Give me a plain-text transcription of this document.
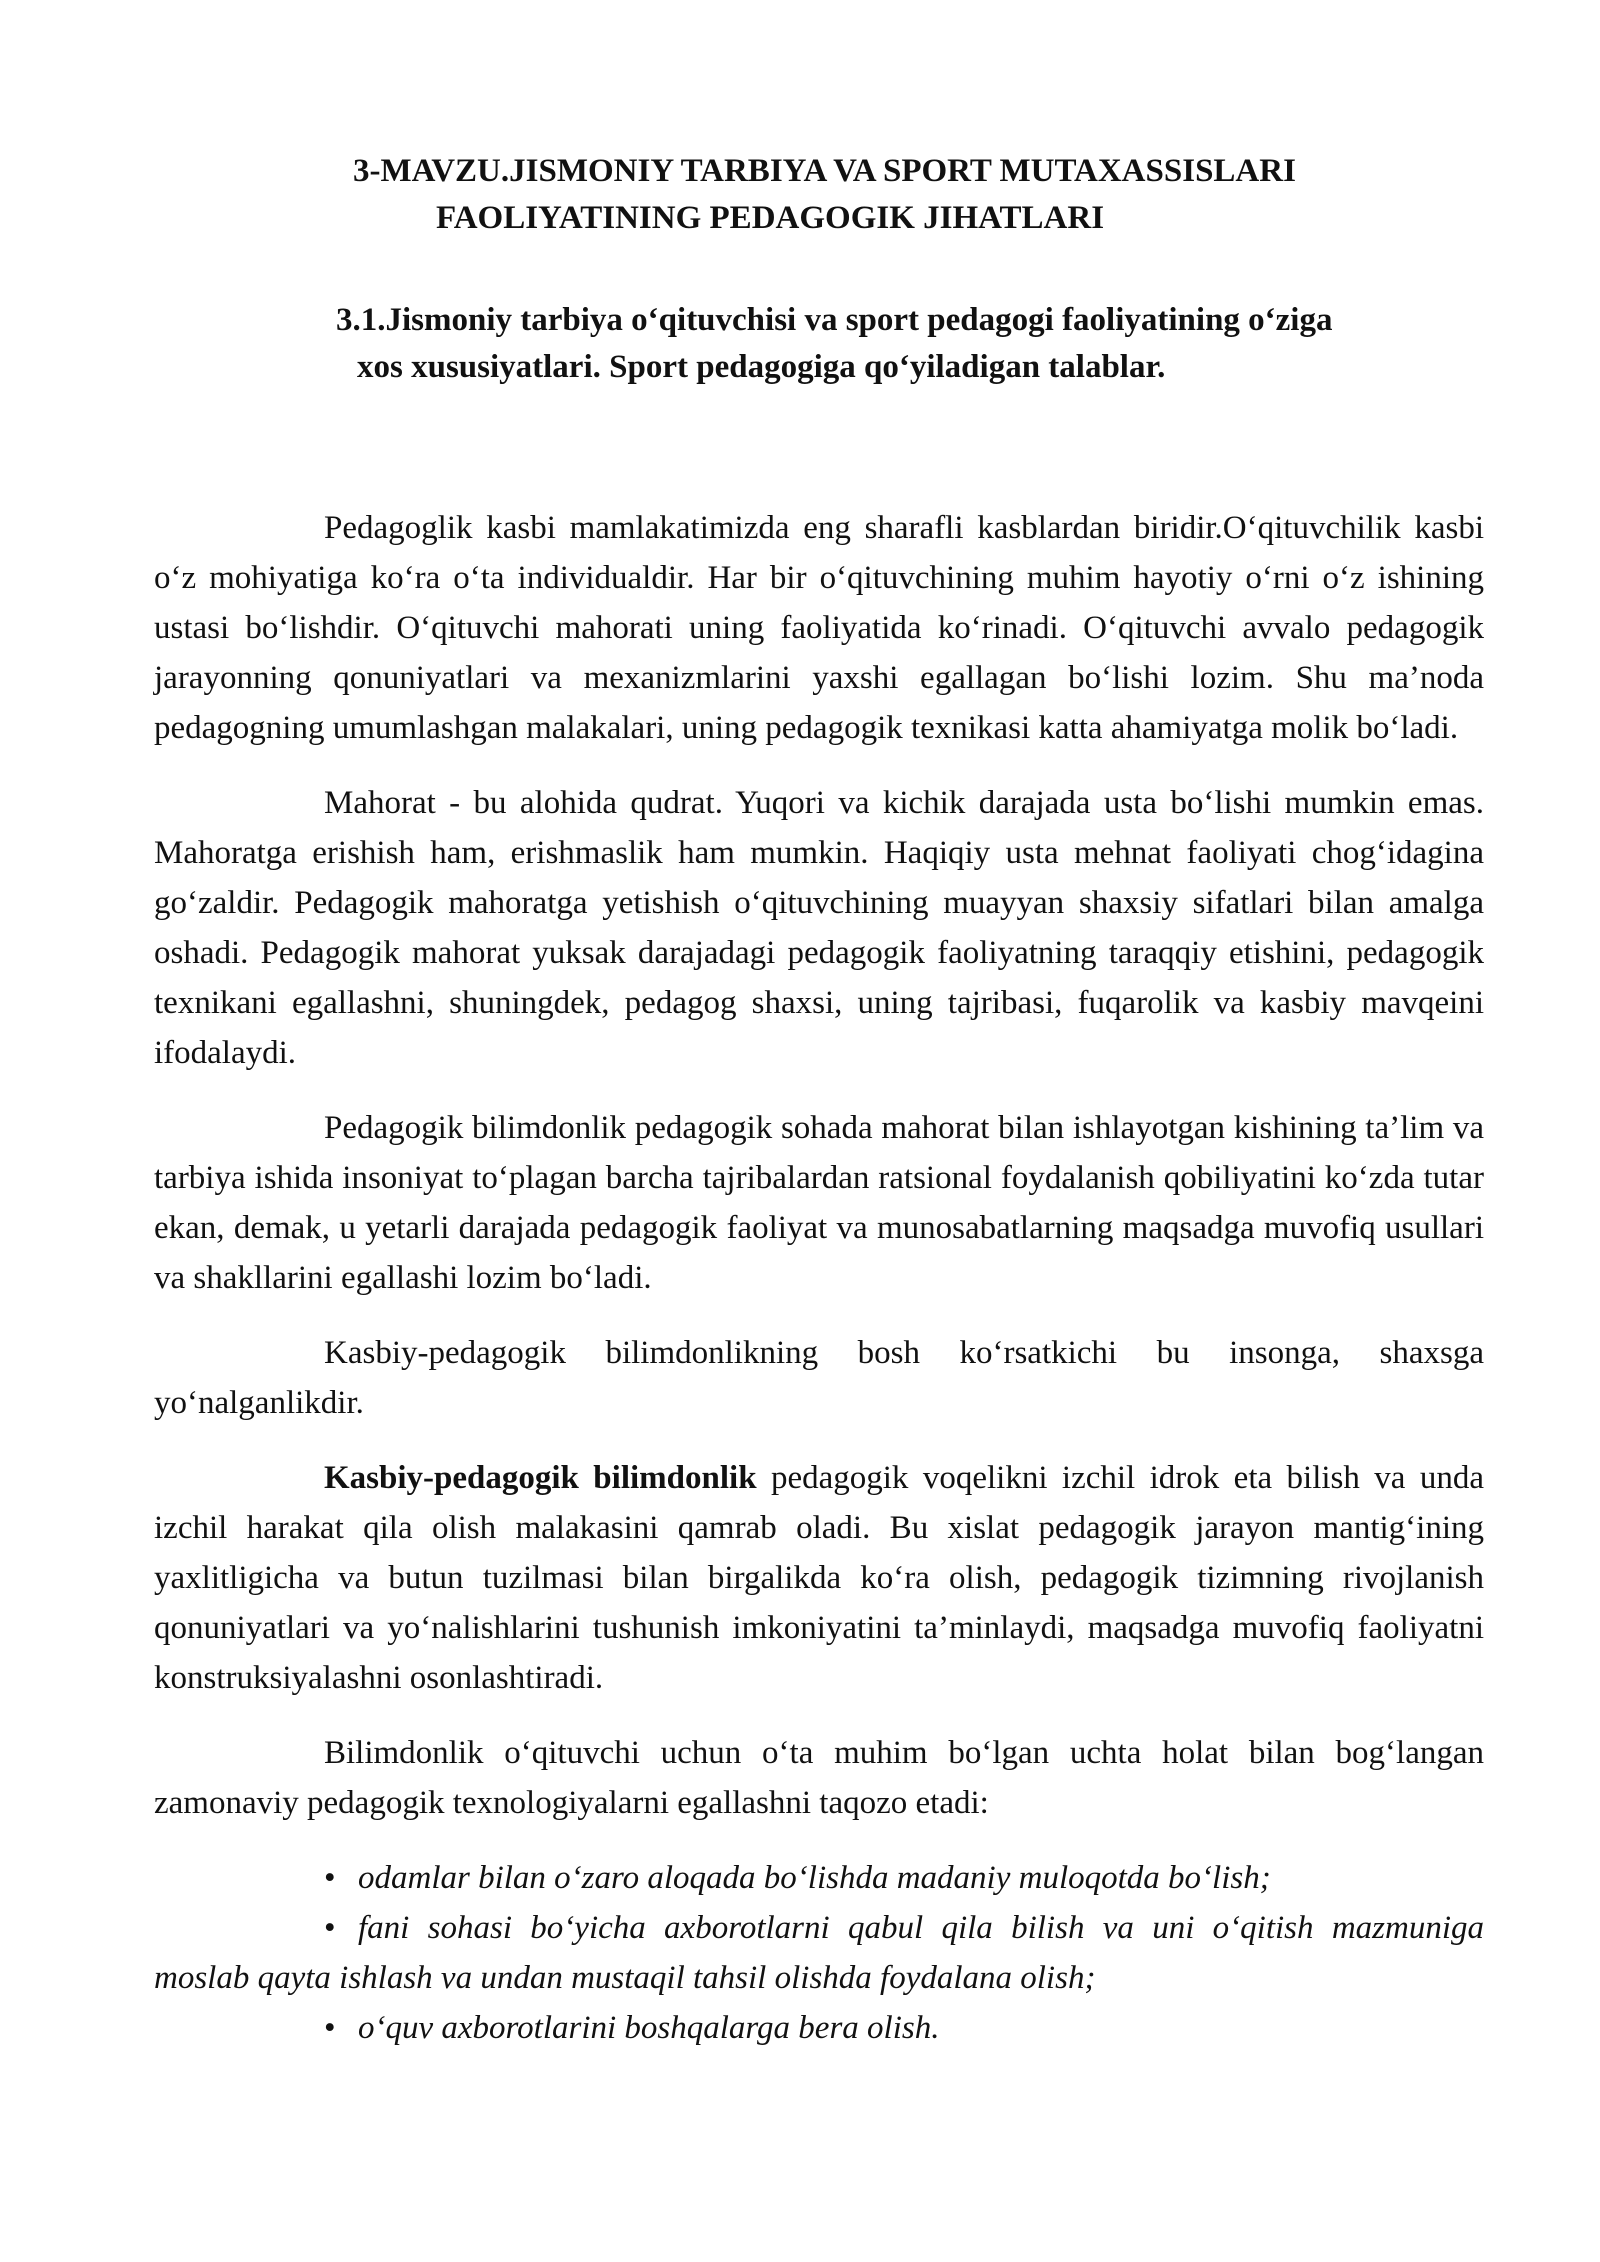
3-MAVZU.JISMONIY TARBIYA VA SPORT MUTAXASSISLARI
FAOLIYATINING PEDAGOGIK JIHATLARI
3.1.Jismoniy tarbiya o‘qituvchisi va sport pedagogi faoliyatining o‘ziga
xos xususiyatlari. Sport pedagogiga qo‘yiladigan talablar.

Pedagoglik kasbi mamlakatimizda eng sharafli kasblardan biridir.O‘qituvchilik kasbi o‘z mohiyatiga ko‘ra o‘ta individualdir. Har bir o‘qituvchining muhim hayotiy o‘rni o‘z ishining ustasi bo‘lishdir. O‘qituvchi mahorati uning faoliyatida ko‘rinadi. O‘qituvchi avvalo pedagogik jarayonning qonuniyatlari va mexanizmlarini yaxshi egallagan bo‘lishi lozim. Shu ma’noda pedagogning umumlashgan malakalari, uning pedagogik texnikasi katta ahamiyatga molik bo‘ladi.

Mahorat - bu alohida qudrat. Yuqori va kichik darajada usta bo‘lishi mumkin emas. Mahoratga erishish ham, erishmaslik ham mumkin. Haqiqiy usta mehnat faoliyati chog‘idagina go‘zaldir. Pedagogik mahoratga yetishish o‘qituvchining muayyan shaxsiy sifatlari bilan amalga oshadi. Pedagogik mahorat yuksak darajadagi pedagogik faoliyatning taraqqiy etishini, pedagogik texnikani egallashni, shuningdek, pedagog shaxsi, uning tajribasi, fuqarolik va kasbiy mavqeini ifodalaydi.

Pedagogik bilimdonlik pedagogik sohada mahorat bilan ishlayotgan kishining ta’lim va tarbiya ishida insoniyat to‘plagan barcha tajribalardan ratsional foydalanish qobiliyatini ko‘zda tutar ekan, demak, u yetarli darajada pedagogik faoliyat va munosabatlarning maqsadga muvofiq usullari va shakllarini egallashi lozim bo‘ladi.

Kasbiy-pedagogik bilimdonlikning bosh ko‘rsatkichi bu insonga, shaxsga yo‘nalganlikdir.

Kasbiy-pedagogik bilimdonlik pedagogik voqelikni izchil idrok eta bilish va unda izchil harakat qila olish malakasini qamrab oladi. Bu xislat pedagogik jarayon mantig‘ining yaxlitligicha va butun tuzilmasi bilan birgalikda ko‘ra olish, pedagogik tizimning rivojlanish qonuniyatlari va yo‘nalishlarini tushunish imkoniyatini ta’minlaydi, maqsadga muvofiq faoliyatni konstruksiyalashni osonlashtiradi.

Bilimdonlik o‘qituvchi uchun o‘ta muhim bo‘lgan uchta holat bilan bog‘langan zamonaviy pedagogik texnologiyalarni egallashni taqozo etadi:

• odamlar bilan o‘zaro aloqada bo‘lishda madaniy muloqotda bo‘lish;
• fani sohasi bo‘yicha axborotlarni qabul qila bilish va uni o‘qitish mazmuniga moslab qayta ishlash va undan mustaqil tahsil olishda foydalana olish;
• o‘quv axborotlarini boshqalarga bera olish.
